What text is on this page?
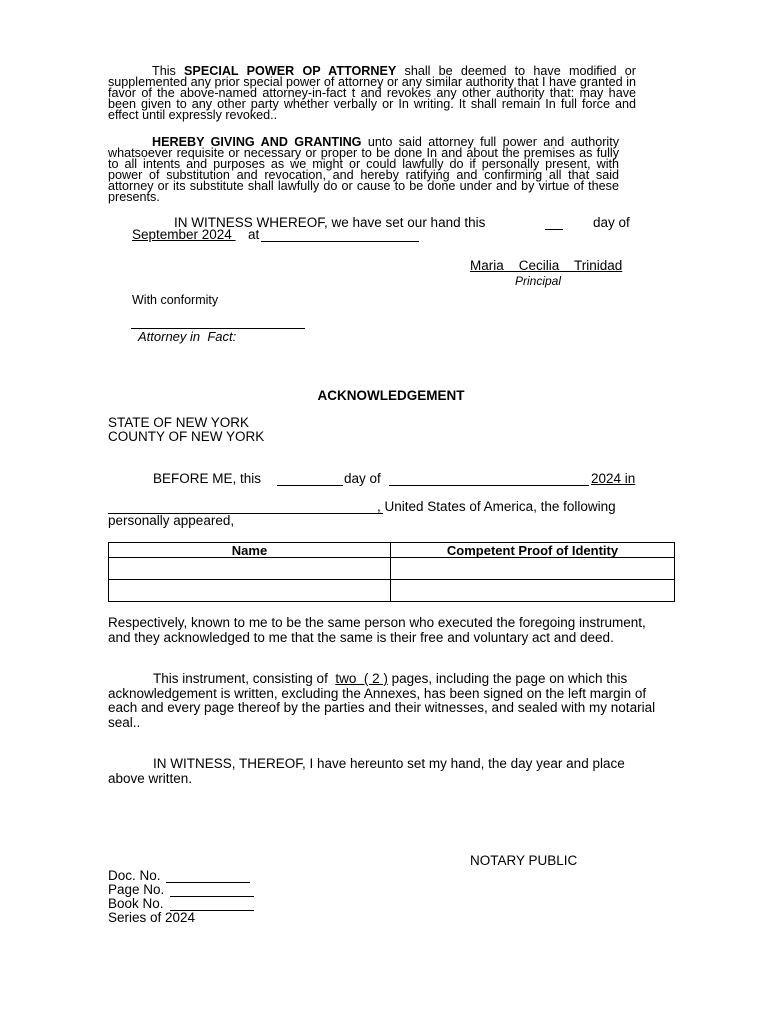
This SPECIAL POWER OP ATTORNEY shall be deemed to have modified or supplemented any prior special power of attorney or any similar authority that I have granted in favor of the above-named attorney-in-fact t and revokes any other authority that: may have been given to any other party whether verbally or In writing. It shall remain In full force and effect until expressly revoked..
HEREBY GIVING AND GRANTING unto said attorney full power and authority whatsoever requisite or necessary or proper to be done In and about the premises as fully to all intents and purposes as we might or could lawfully do if personally present, with power of substitution and revocation, and hereby ratifying and confirming all that said attorney or its substitute shall lawfully do or cause to be done under and by virtue of these presents.
IN WITNESS WHEREOF, we have set our hand this	day of
September 2024 at
Maria    Cecilia    Trinidad
Principal
With conformity
Attorney in  Fact:
ACKNOWLEDGEMENT
STATE OF NEW YORK
COUNTY OF NEW YORK
BEFORE ME, this	day of	2024 in
, United States of America, the following
personally appeared,
Name	Competent Proof of Identity

Respectively, known to me to be the same person who executed the foregoing instrument, and they acknowledged to me that the same is their free and voluntary act and deed.
This instrument, consisting of  two  ( 2 ) pages, including the page on which this acknowledgement is written, excluding the Annexes, has been signed on the left margin of each and every page thereof by the parties and their witnesses, and sealed with my notarial seal..
IN WITNESS, THEREOF, I have hereunto set my hand, the day year and place above written.
NOTARY PUBLIC
Doc. No.
Page No.
Book No.
Series of 2024
